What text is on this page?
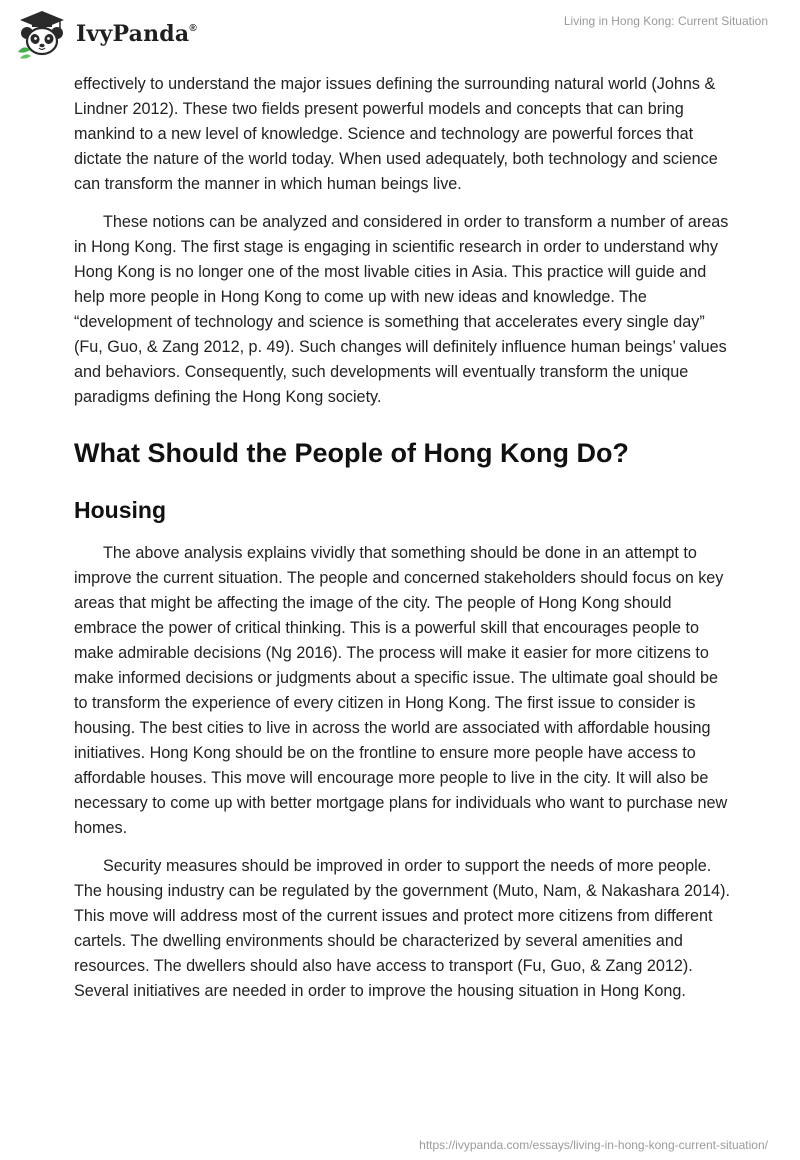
IvyPanda®
Living in Hong Kong: Current Situation

effectively to understand the major issues defining the surrounding natural world (Johns & Lindner 2012). These two fields present powerful models and concepts that can bring mankind to a new level of knowledge. Science and technology are powerful forces that dictate the nature of the world today. When used adequately, both technology and science can transform the manner in which human beings live.

These notions can be analyzed and considered in order to transform a number of areas in Hong Kong. The first stage is engaging in scientific research in order to understand why Hong Kong is no longer one of the most livable cities in Asia. This practice will guide and help more people in Hong Kong to come up with new ideas and knowledge. The “development of technology and science is something that accelerates every single day” (Fu, Guo, & Zang 2012, p. 49). Such changes will definitely influence human beings’ values and behaviors. Consequently, such developments will eventually transform the unique paradigms defining the Hong Kong society.

What Should the People of Hong Kong Do?
Housing

The above analysis explains vividly that something should be done in an attempt to improve the current situation. The people and concerned stakeholders should focus on key areas that might be affecting the image of the city. The people of Hong Kong should embrace the power of critical thinking. This is a powerful skill that encourages people to make admirable decisions (Ng 2016). The process will make it easier for more citizens to make informed decisions or judgments about a specific issue. The ultimate goal should be to transform the experience of every citizen in Hong Kong. The first issue to consider is housing. The best cities to live in across the world are associated with affordable housing initiatives. Hong Kong should be on the frontline to ensure more people have access to affordable houses. This move will encourage more people to live in the city. It will also be necessary to come up with better mortgage plans for individuals who want to purchase new homes.

Security measures should be improved in order to support the needs of more people. The housing industry can be regulated by the government (Muto, Nam, & Nakashara 2014). This move will address most of the current issues and protect more citizens from different cartels. The dwelling environments should be characterized by several amenities and resources. The dwellers should also have access to transport (Fu, Guo, & Zang 2012). Several initiatives are needed in order to improve the housing situation in Hong Kong.

https://ivypanda.com/essays/living-in-hong-kong-current-situation/
